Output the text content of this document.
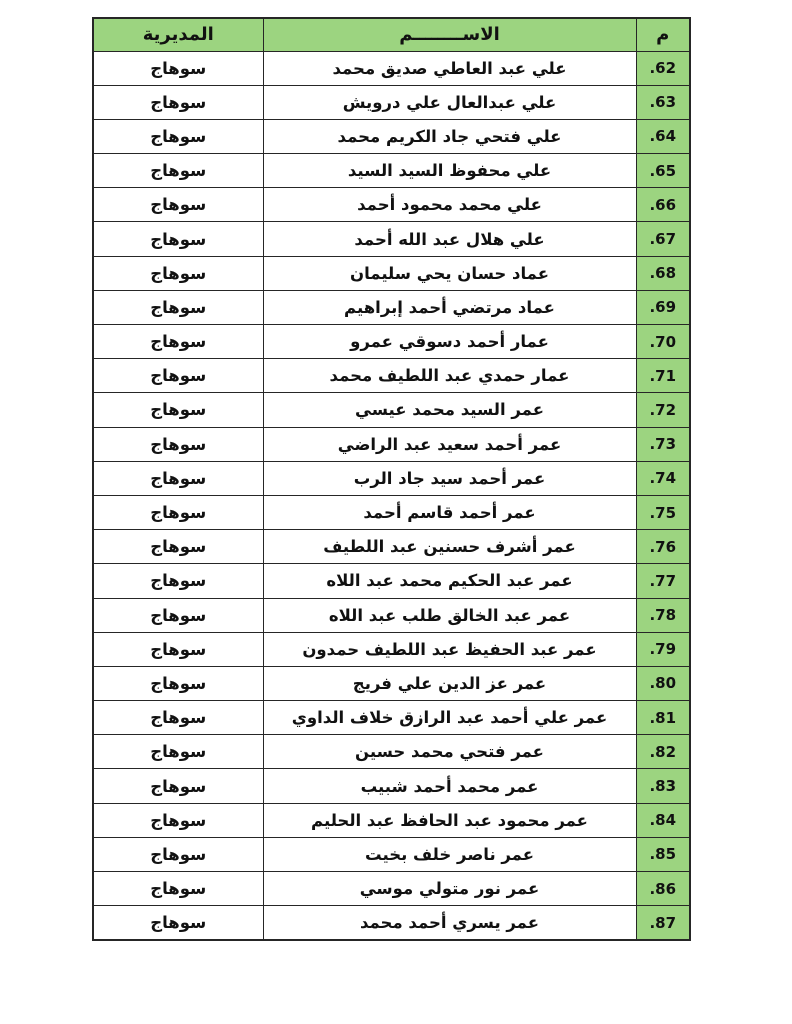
م	الاســــــــم	المديرية
62.	علي عبد العاطي صديق محمد	سوهاج
63.	علي عبدالعال علي درويش	سوهاج
64.	علي فتحي جاد الكريم محمد	سوهاج
65.	علي محفوظ السيد السيد	سوهاج
66.	علي محمد محمود أحمد	سوهاج
67.	علي هلال عبد الله أحمد	سوهاج
68.	عماد حسان يحي سليمان	سوهاج
69.	عماد مرتضي أحمد إبراهيم	سوهاج
70.	عمار أحمد دسوقي عمرو	سوهاج
71.	عمار حمدي عبد اللطيف محمد	سوهاج
72.	عمر السيد محمد عيسي	سوهاج
73.	عمر أحمد سعيد عبد الراضي	سوهاج
74.	عمر أحمد سيد جاد الرب	سوهاج
75.	عمر أحمد قاسم أحمد	سوهاج
76.	عمر أشرف حسنين عبد اللطيف	سوهاج
77.	عمر عبد الحكيم محمد عبد اللاه	سوهاج
78.	عمر عبد الخالق طلب عبد اللاه	سوهاج
79.	عمر عبد الحفيظ عبد اللطيف حمدون	سوهاج
80.	عمر عز الدين علي فريج	سوهاج
81.	عمر علي أحمد عبد الرازق خلاف الداوي	سوهاج
82.	عمر فتحي محمد حسين	سوهاج
83.	عمر محمد أحمد شبيب	سوهاج
84.	عمر محمود عبد الحافظ عبد الحليم	سوهاج
85.	عمر ناصر خلف بخيت	سوهاج
86.	عمر نور متولي موسي	سوهاج
87.	عمر يسري أحمد محمد	سوهاج
